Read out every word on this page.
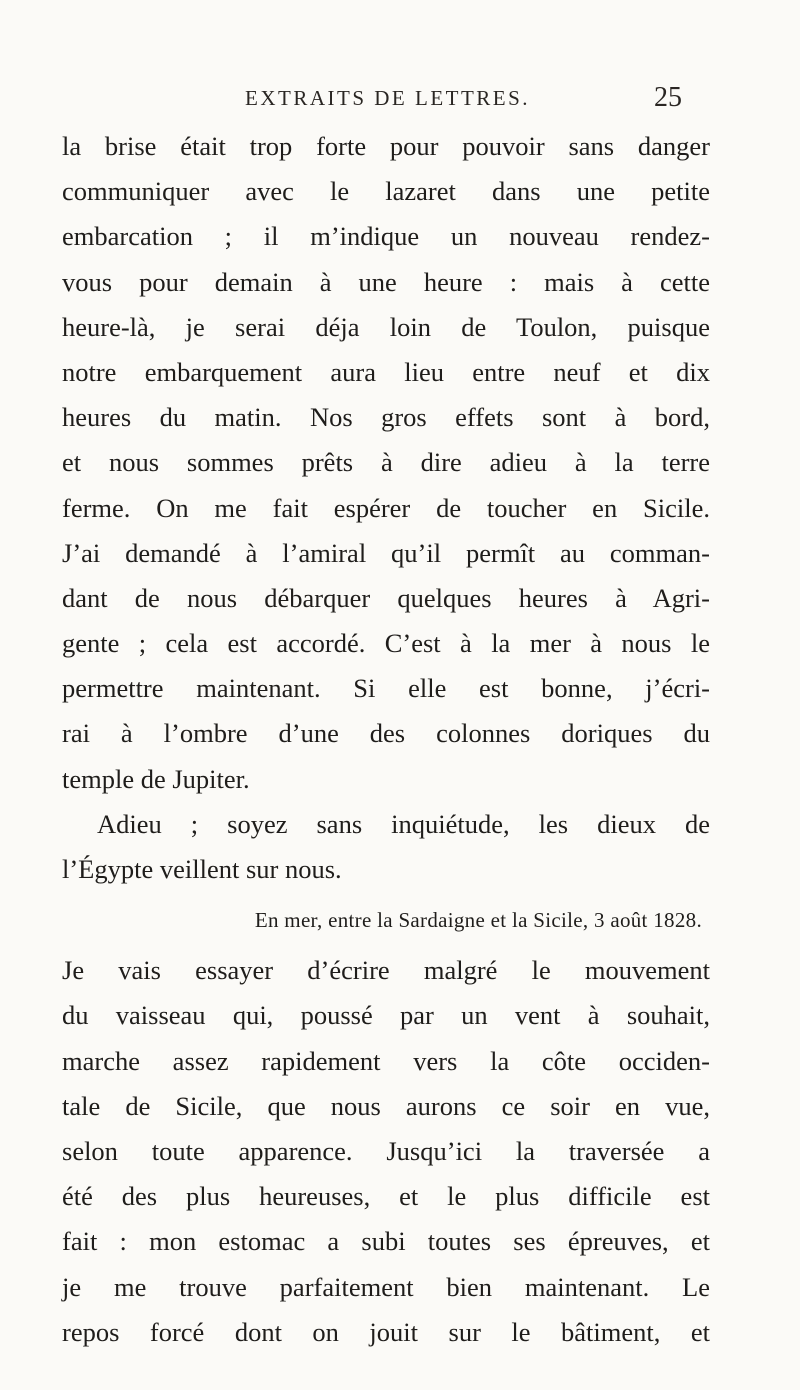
EXTRAITS DE LETTRES.	25
la brise était trop forte pour pouvoir sans danger
communiquer avec le lazaret dans une petite
embarcation ; il m’indique un nouveau rendez-
vous pour demain à une heure : mais à cette
heure-là, je serai déja loin de Toulon, puisque
notre embarquement aura lieu entre neuf et dix
heures du matin. Nos gros effets sont à bord,
et nous sommes prêts à dire adieu à la terre
ferme. On me fait espérer de toucher en Sicile.
J’ai demandé à l’amiral qu’il permît au comman-
dant de nous débarquer quelques heures à Agri-
gente ; cela est accordé. C’est à la mer à nous le
permettre maintenant. Si elle est bonne, j’écri-
rai à l’ombre d’une des colonnes doriques du
temple de Jupiter.
Adieu ; soyez sans inquiétude, les dieux de
l’Égypte veillent sur nous.
En mer, entre la Sardaigne et la Sicile, 3 août 1828.
Je vais essayer d’écrire malgré le mouvement
du vaisseau qui, poussé par un vent à souhait,
marche assez rapidement vers la côte occiden-
tale de Sicile, que nous aurons ce soir en vue,
selon toute apparence. Jusqu’ici la traversée a
été des plus heureuses, et le plus difficile est
fait : mon estomac a subi toutes ses épreuves, et
je me trouve parfaitement bien maintenant. Le
repos forcé dont on jouit sur le bâtiment, et
